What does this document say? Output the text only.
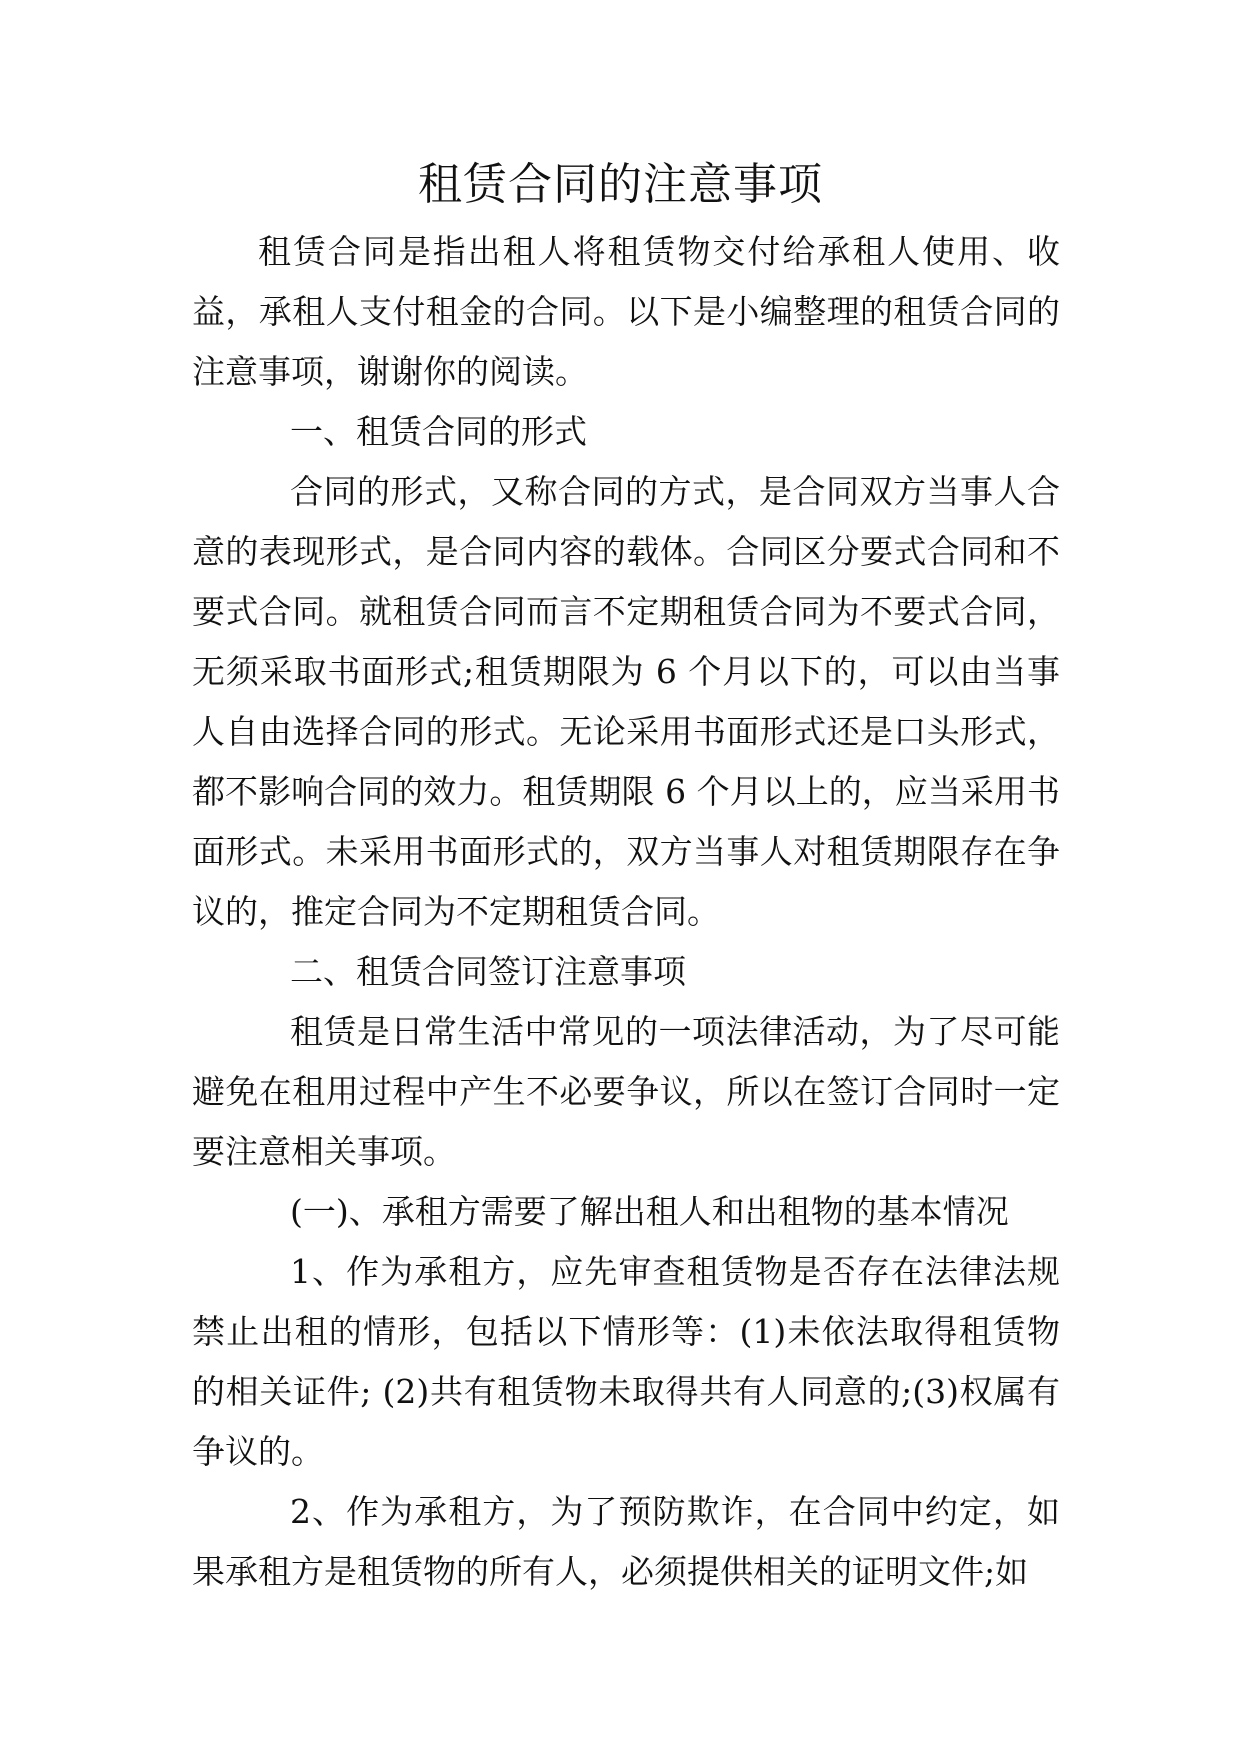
租赁合同的注意事项

租赁合同是指出租人将租赁物交付给承租人使用、收益，承租人支付租金的合同。以下是小编整理的租赁合同的注意事项，谢谢你的阅读。

一、租赁合同的形式

合同的形式，又称合同的方式，是合同双方当事人合意的表现形式，是合同内容的载体。合同区分要式合同和不要式合同。就租赁合同而言不定期租赁合同为不要式合同，无须采取书面形式;租赁期限为 6 个月以下的，可以由当事人自由选择合同的形式。无论采用书面形式还是口头形式，都不影响合同的效力。租赁期限 6 个月以上的，应当采用书面形式。未采用书面形式的，双方当事人对租赁期限存在争议的，推定合同为不定期租赁合同。

二、租赁合同签订注意事项

租赁是日常生活中常见的一项法律活动，为了尽可能避免在租用过程中产生不必要争议，所以在签订合同时一定要注意相关事项。

(一)、承租方需要了解出租人和出租物的基本情况

1、作为承租方，应先审查租赁物是否存在法律法规禁止出租的情形，包括以下情形等：(1)未依法取得租赁物的相关证件; (2)共有租赁物未取得共有人同意的;(3)权属有争议的。

2、作为承租方，为了预防欺诈，在合同中约定，如果承租方是租赁物的所有人，必须提供相关的证明文件;如
